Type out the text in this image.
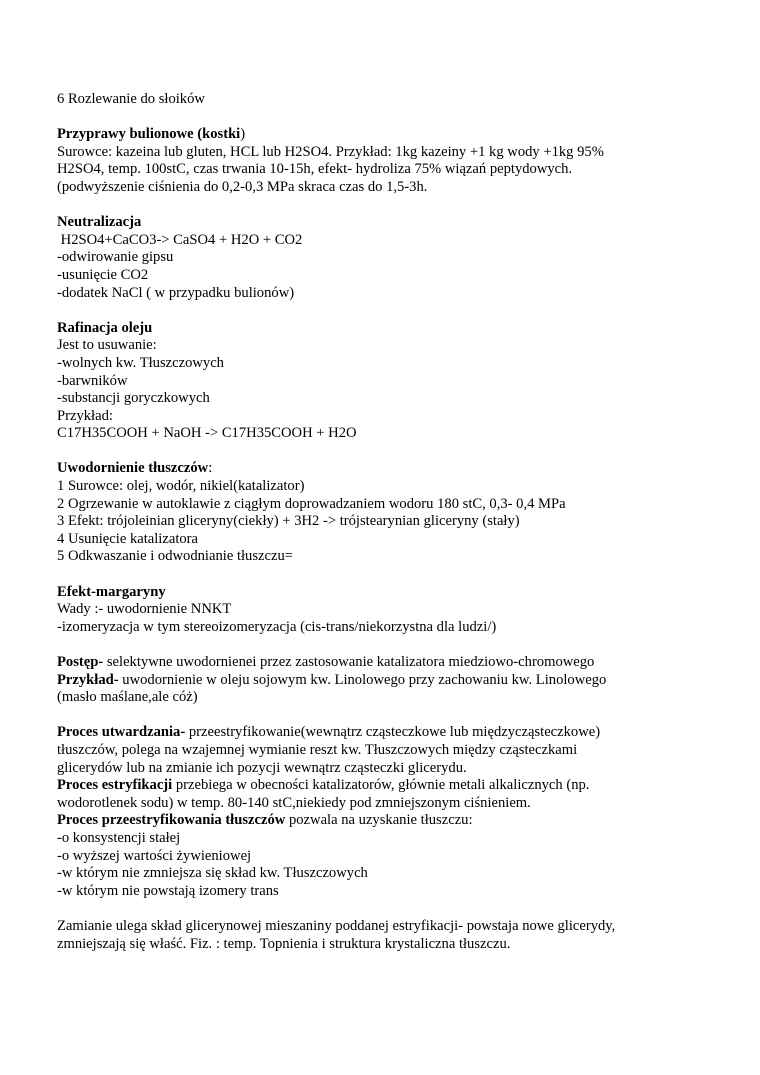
6 Rozlewanie do słoików
Przyprawy bulionowe (kostki)
Surowce: kazeina lub gluten, HCL lub H2SO4. Przykład: 1kg kazeiny +1 kg wody +1kg 95%
H2SO4, temp. 100stC, czas trwania 10-15h, efekt- hydroliza 75% wiązań peptydowych.
(podwyższenie ciśnienia do 0,2-0,3 MPa skraca czas do 1,5-3h.
Neutralizacja
H2SO4+CaCO3-> CaSO4 + H2O + CO2
-odwirowanie gipsu
-usunięcie CO2
-dodatek NaCl ( w przypadku bulionów)
Rafinacja oleju
Jest to usuwanie:
-wolnych kw. Tłuszczowych
-barwników
-substancji goryczkowych
Przykład:
C17H35COOH + NaOH -> C17H35COOH + H2O
Uwodornienie tłuszczów:
1 Surowce: olej, wodór, nikiel(katalizator)
2 Ogrzewanie w autoklawie z ciągłym doprowadzaniem wodoru 180 stC, 0,3- 0,4 MPa
3 Efekt: trójoleinian gliceryny(ciekły) + 3H2 -> trójstearynian gliceryny (stały)
4 Usunięcie katalizatora
5 Odkwaszanie i odwodnianie tłuszczu=
Efekt-margaryny
Wady :- uwodornienie NNKT
-izomeryzacja w tym stereoizomeryzacja (cis-trans/niekorzystna dla ludzi/)
Postęp- selektywne uwodornienei przez zastosowanie katalizatora miedziowo-chromowego
Przykład- uwodornienie w oleju sojowym kw. Linolowego przy zachowaniu kw. Linolowego
(masło maślane,ale cóż)
Proces utwardzania- przeestryfikowanie(wewnątrz cząsteczkowe lub międzycząsteczkowe)
tłuszczów, polega na wzajemnej wymianie reszt kw. Tłuszczowych między cząsteczkami
glicerydów lub na zmianie ich pozycji wewnątrz cząsteczki glicerydu.
Proces estryfikacji przebiega w obecności katalizatorów, głównie metali alkalicznych (np.
wodorotlenek sodu) w temp. 80-140 stC,niekiedy pod zmniejszonym ciśnieniem.
Proces przeestryfikowania tłuszczów pozwala na uzyskanie tłuszczu:
-o konsystencji stałej
-o wyższej wartości żywieniowej
-w którym nie zmniejsza się skład kw. Tłuszczowych
-w którym nie powstają izomery trans
Zamianie ulega skład glicerynowej mieszaniny poddanej estryfikacji- powstaja nowe glicerydy,
zmniejszają się właść. Fiz. : temp. Topnienia i struktura krystaliczna tłuszczu.
